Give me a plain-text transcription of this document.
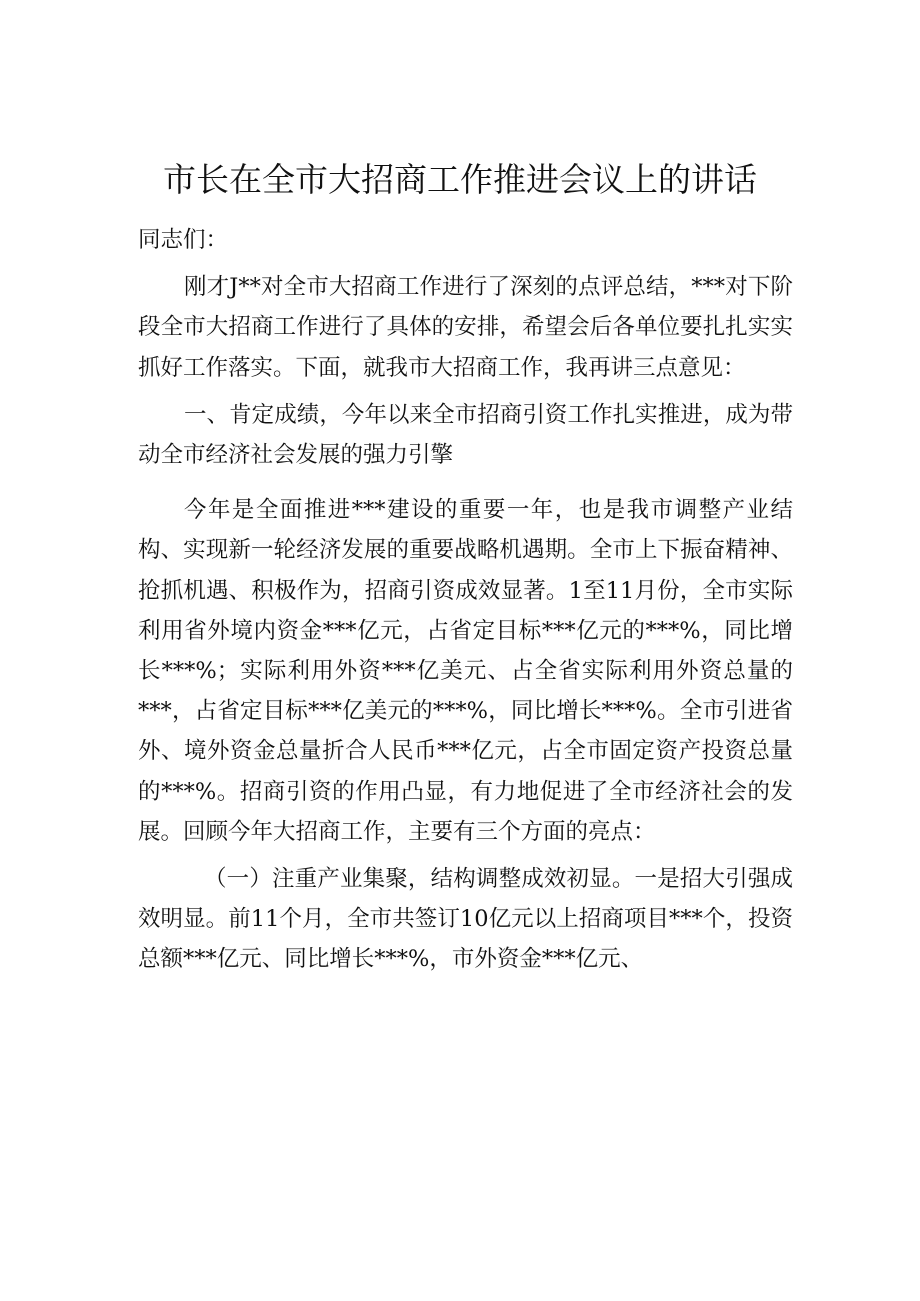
市长在全市大招商工作推进会议上的讲话

同志们：

刚才J**对全市大招商工作进行了深刻的点评总结，***对下阶段全市大招商工作进行了具体的安排，希望会后各单位要扎扎实实抓好工作落实。下面，就我市大招商工作，我再讲三点意见：

一、肯定成绩，今年以来全市招商引资工作扎实推进，成为带动全市经济社会发展的强力引擎

今年是全面推进***建设的重要一年，也是我市调整产业结构、实现新一轮经济发展的重要战略机遇期。全市上下振奋精神、抢抓机遇、积极作为，招商引资成效显著。1至11月份，全市实际利用省外境内资金***亿元，占省定目标***亿元的***%，同比增长***%；实际利用外资***亿美元、占全省实际利用外资总量的***，占省定目标***亿美元的***%，同比增长***%。全市引进省外、境外资金总量折合人民币***亿元，占全市固定资产投资总量的***%。招商引资的作用凸显，有力地促进了全市经济社会的发展。回顾今年大招商工作，主要有三个方面的亮点：

（一）注重产业集聚，结构调整成效初显。一是招大引强成效明显。前11个月，全市共签订10亿元以上招商项目***个，投资总额***亿元、同比增长***%，市外资金***亿元、
